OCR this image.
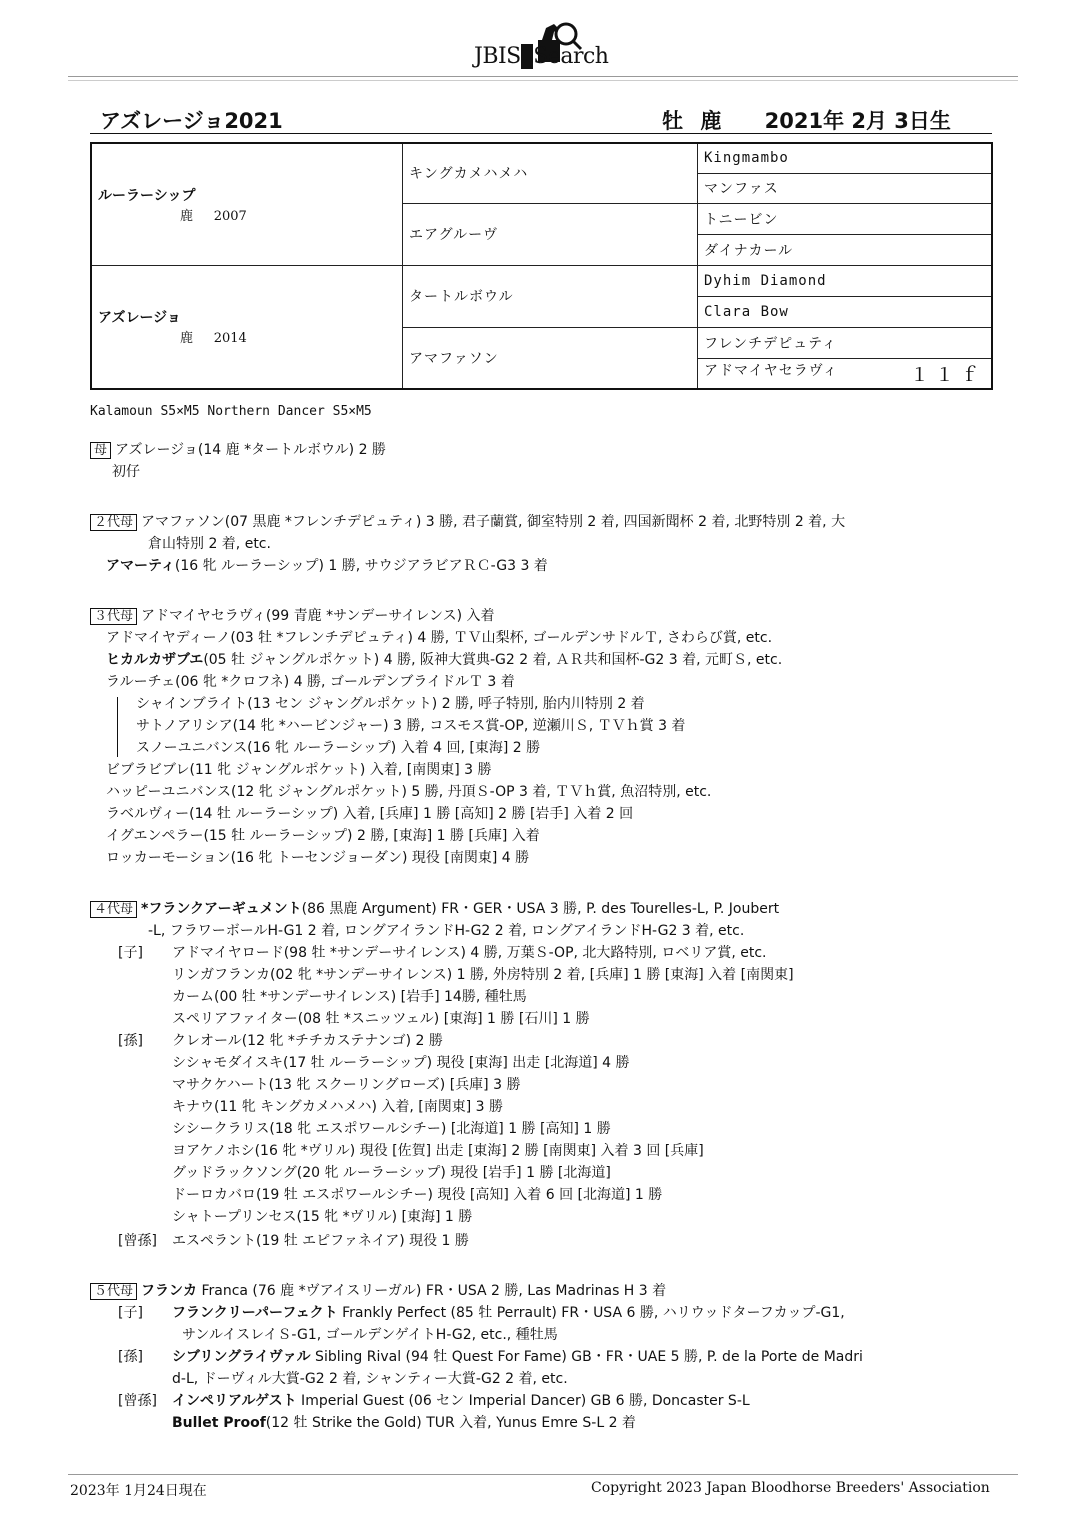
JBIS Search
アズレージョ2021	牡 鹿 2021年 2月 3日生
ルーラーシップ
鹿 2007	キングカメハメハ	Kingmambo
		マンファス
	エアグルーヴ	トニービン
		ダイナカール
アズレージョ
鹿 2014	タートルボウル	Dyhim Diamond
		Clara Bow
	アマファソン	フレンチデピュティ
		アドマイヤセラヴィ １１ｆ
Kalamoun S5×M5 Northern Dancer S5×M5
母 アズレージョ(14 鹿 *タートルボウル) 2 勝
初仔
２代母 アマファソン(07 黒鹿 *フレンチデピュティ) 3 勝, 君子蘭賞, 御室特別 2 着, 四国新聞杯 2 着, 北野特別 2 着, 大
倉山特別 2 着, etc.
アマーティ(16 牝 ルーラーシップ) 1 勝, サウジアラビアＲＣ-G3 3 着
３代母 アドマイヤセラヴィ(99 青鹿 *サンデーサイレンス) 入着
アドマイヤディーノ(03 牡 *フレンチデピュティ) 4 勝, ＴＶ山梨杯, ゴールデンサドルＴ, さわらび賞, etc.
ヒカルカザブエ(05 牡 ジャングルポケット) 4 勝, 阪神大賞典-G2 2 着, ＡＲ共和国杯-G2 3 着, 元町Ｓ, etc.
ラルーチェ(06 牝 *クロフネ) 4 勝, ゴールデンブライドルＴ 3 着
シャインブライト(13 セン ジャングルポケット) 2 勝, 呼子特別, 胎内川特別 2 着
サトノアリシア(14 牝 *ハービンジャー) 3 勝, コスモス賞-OP, 逆瀬川Ｓ, ＴＶｈ賞 3 着
スノーユニバンス(16 牝 ルーラーシップ) 入着 4 回, [東海] 2 勝
ビブラビブレ(11 牝 ジャングルポケット) 入着, [南関東] 3 勝
ハッピーユニバンス(12 牝 ジャングルポケット) 5 勝, 丹頂Ｓ-OP 3 着, ＴＶｈ賞, 魚沼特別, etc.
ラベルヴィー(14 牡 ルーラーシップ) 入着, [兵庫] 1 勝 [高知] 2 勝 [岩手] 入着 2 回
イグエンペラー(15 牡 ルーラーシップ) 2 勝, [東海] 1 勝 [兵庫] 入着
ロッカーモーション(16 牝 トーセンジョーダン) 現役 [南関東] 4 勝
４代母 *フランクアーギュメント(86 黒鹿 Argument) FR・GER・USA 3 勝, P. des Tourelles-L, P. Joubert
-L, フラワーボールH-G1 2 着, ロングアイランドH-G2 2 着, ロングアイランドH-G2 3 着, etc.
[子] アドマイヤロード(98 牡 *サンデーサイレンス) 4 勝, 万葉Ｓ-OP, 北大路特別, ロベリア賞, etc.
リンガフランカ(02 牝 *サンデーサイレンス) 1 勝, 外房特別 2 着, [兵庫] 1 勝 [東海] 入着 [南関東]
カーム(00 牡 *サンデーサイレンス) [岩手] 14勝, 種牡馬
スペリアファイター(08 牡 *スニッツェル) [東海] 1 勝 [石川] 1 勝
[孫] クレオール(12 牝 *チチカステナンゴ) 2 勝
シシャモダイスキ(17 牡 ルーラーシップ) 現役 [東海] 出走 [北海道] 4 勝
マサクケハート(13 牝 スクーリングローズ) [兵庫] 3 勝
キナウ(11 牝 キングカメハメハ) 入着, [南関東] 3 勝
シシークラリス(18 牝 エスポワールシチー) [北海道] 1 勝 [高知] 1 勝
ヨアケノホシ(16 牝 *ヴリル) 現役 [佐賀] 出走 [東海] 2 勝 [南関東] 入着 3 回 [兵庫]
グッドラックソング(20 牝 ルーラーシップ) 現役 [岩手] 1 勝 [北海道]
ドーロカバロ(19 牡 エスポワールシチー) 現役 [高知] 入着 6 回 [北海道] 1 勝
シャトープリンセス(15 牝 *ヴリル) [東海] 1 勝
[曾孫] エスペラント(19 牡 エピファネイア) 現役 1 勝
５代母 フランカ Franca (76 鹿 *ヴアイスリーガル) FR・USA 2 勝, Las Madrinas H 3 着
[子] フランクリーパーフェクト Frankly Perfect (85 牡 Perrault) FR・USA 6 勝, ハリウッドターフカップ-G1,
サンルイスレイＳ-G1, ゴールデンゲイトH-G2, etc., 種牡馬
[孫] シブリングライヴァル Sibling Rival (94 牡 Quest For Fame) GB・FR・UAE 5 勝, P. de la Porte de Madri
d-L, ドーヴィル大賞-G2 2 着, シャンティー大賞-G2 2 着, etc.
[曾孫] インペリアルゲスト Imperial Guest (06 セン Imperial Dancer) GB 6 勝, Doncaster S-L
Bullet Proof(12 牡 Strike the Gold) TUR 入着, Yunus Emre S-L 2 着
2023年 1月24日現在	Copyright 2023 Japan Bloodhorse Breeders' Association
